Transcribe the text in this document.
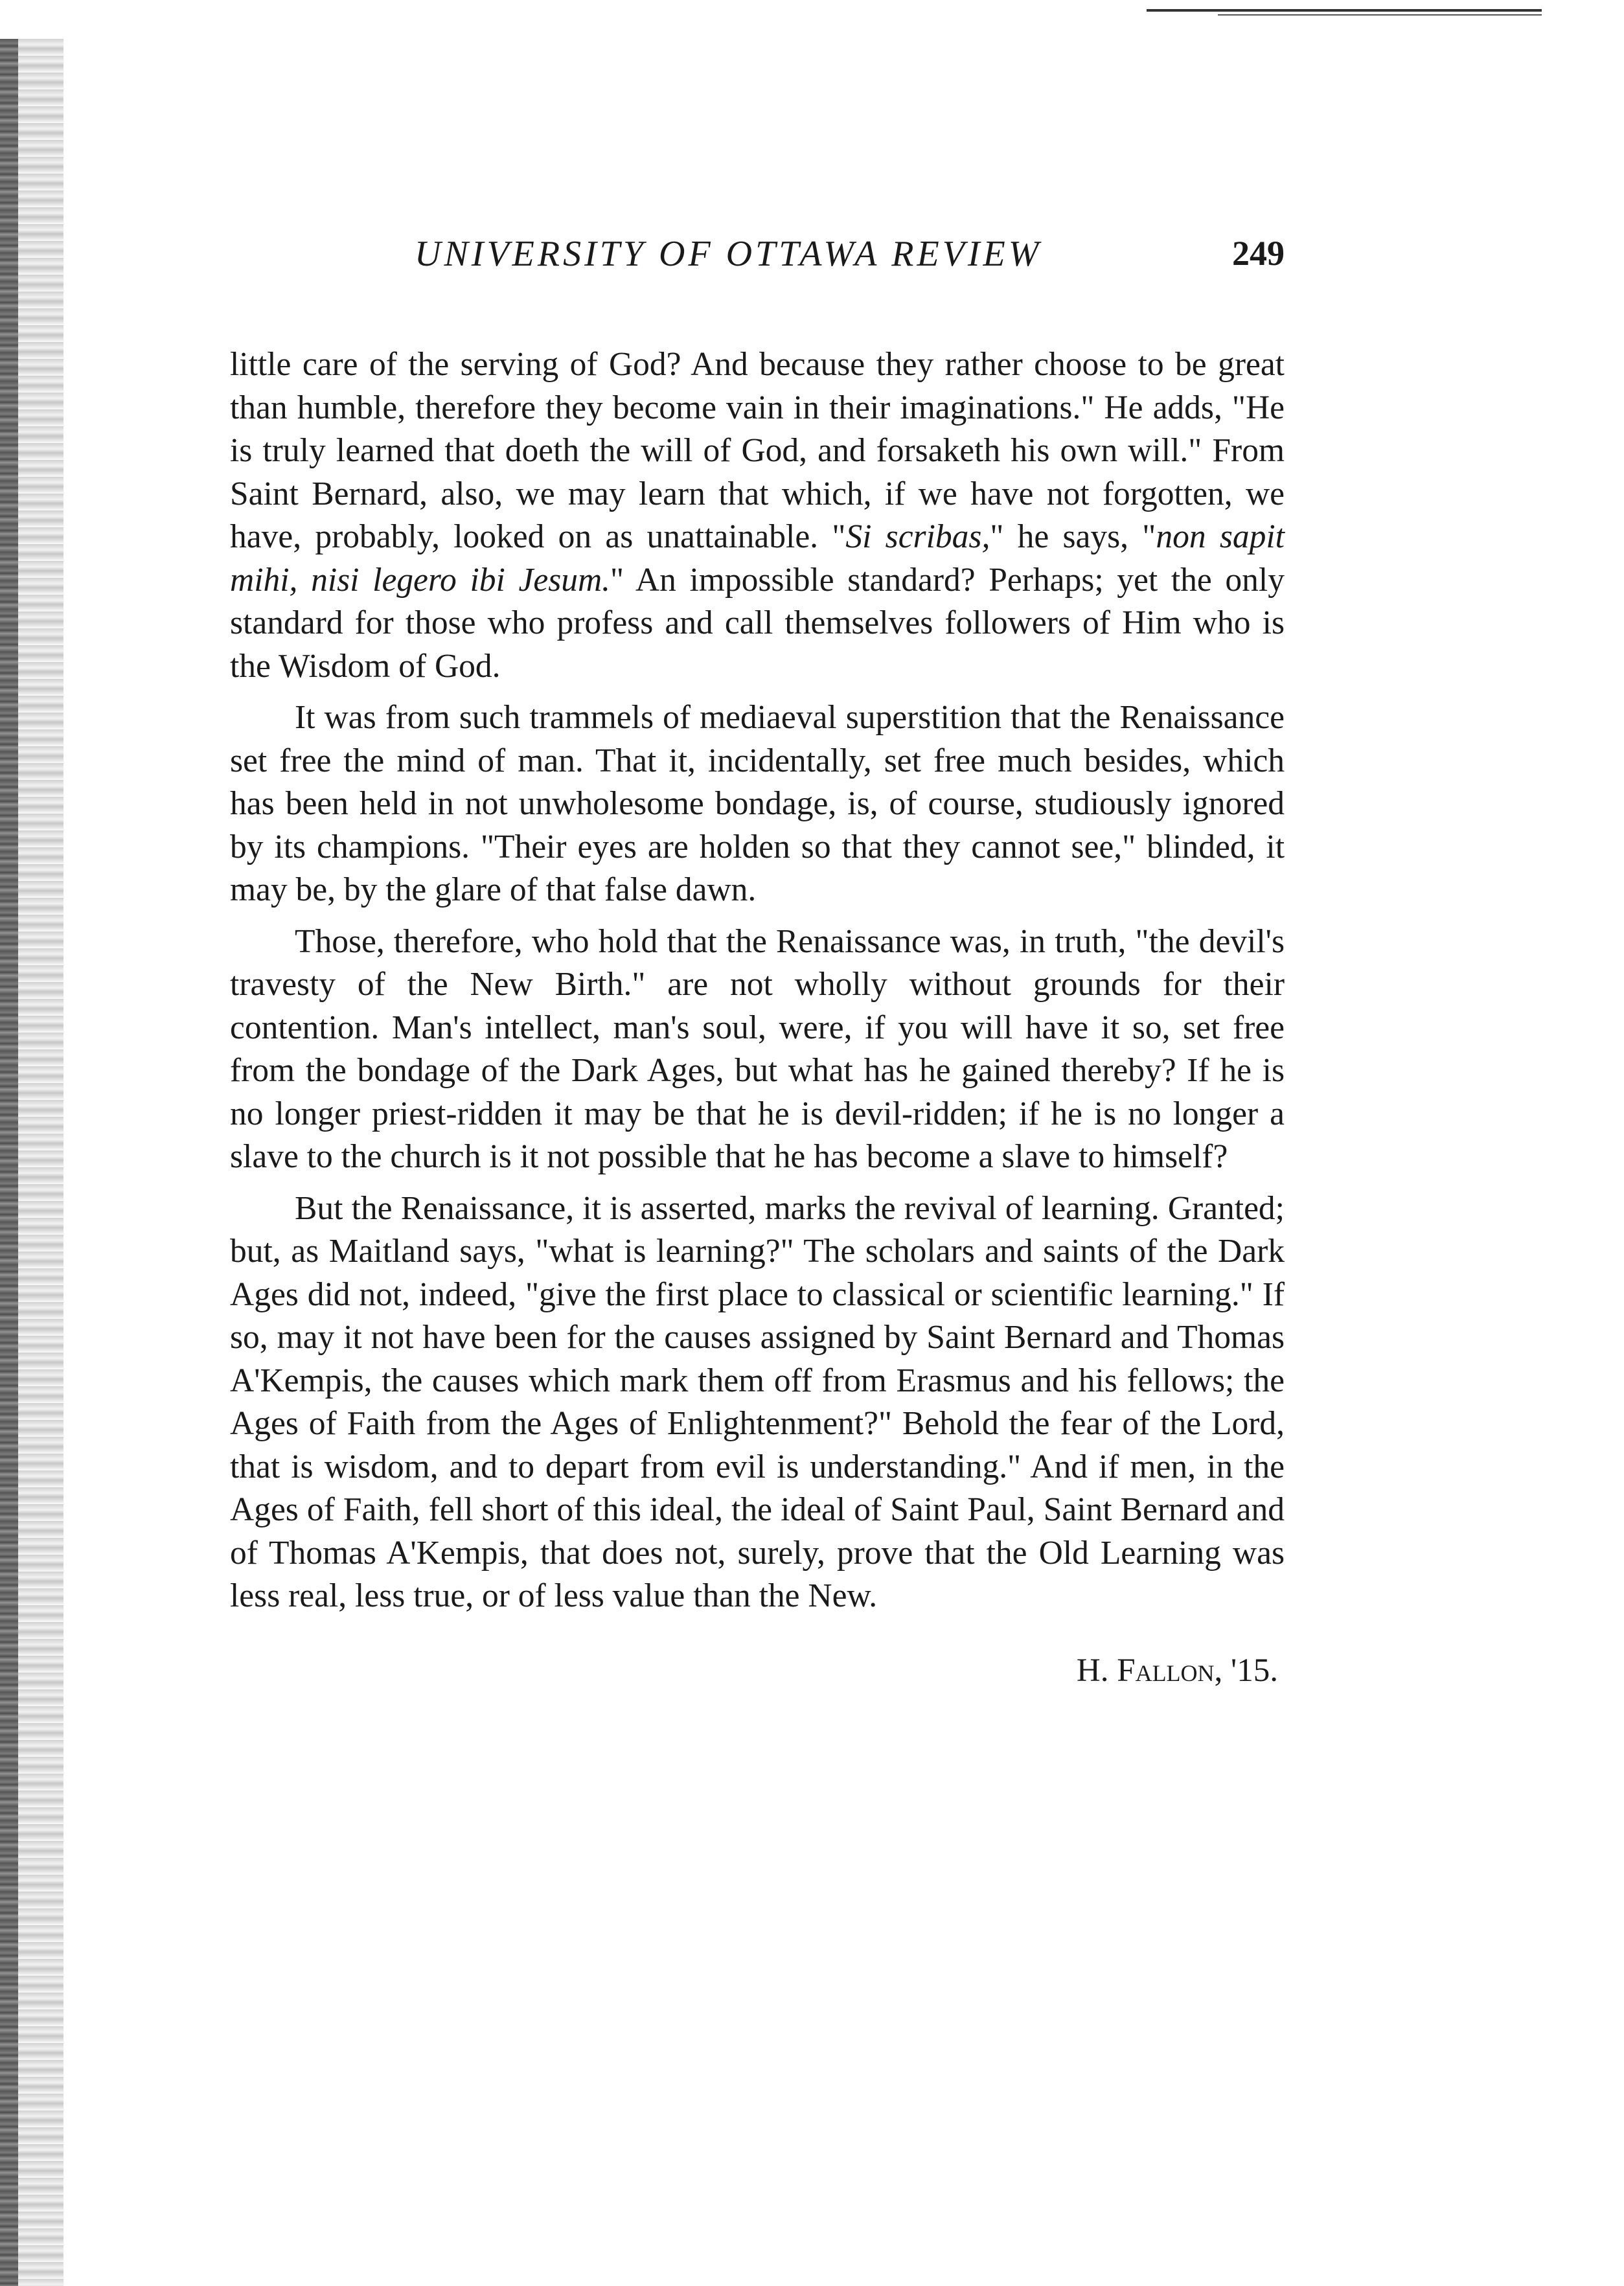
UNIVERSITY OF OTTAWA REVIEW	249

little care of the serving of God? And because they rather choose to be great than humble, therefore they become vain in their imaginations." He adds, "He is truly learned that doeth the will of God, and forsaketh his own will." From Saint Bernard, also, we may learn that which, if we have not forgotten, we have, probably, looked on as unattainable. "Si scribas," he says, "non sapit mihi, nisi legero ibi Jesum." An impossible standard? Perhaps; yet the only standard for those who profess and call themselves followers of Him who is the Wisdom of God.

It was from such trammels of mediaeval superstition that the Renaissance set free the mind of man. That it, incidentally, set free much besides, which has been held in not unwholesome bondage, is, of course, studiously ignored by its champions. "Their eyes are holden so that they cannot see," blinded, it may be, by the glare of that false dawn.

Those, therefore, who hold that the Renaissance was, in truth, "the devil's travesty of the New Birth." are not wholly without grounds for their contention. Man's intellect, man's soul, were, if you will have it so, set free from the bondage of the Dark Ages, but what has he gained thereby? If he is no longer priest-ridden it may be that he is devil-ridden; if he is no longer a slave to the church is it not possible that he has become a slave to himself?

But the Renaissance, it is asserted, marks the revival of learning. Granted; but, as Maitland says, "what is learning?" The scholars and saints of the Dark Ages did not, indeed, "give the first place to classical or scientific learning." If so, may it not have been for the causes assigned by Saint Bernard and Thomas A'Kempis, the causes which mark them off from Erasmus and his fellows; the Ages of Faith from the Ages of Enlightenment?" Behold the fear of the Lord, that is wisdom, and to depart from evil is understanding." And if men, in the Ages of Faith, fell short of this ideal, the ideal of Saint Paul, Saint Bernard and of Thomas A'Kempis, that does not, surely, prove that the Old Learning was less real, less true, or of less value than the New.

H. Fallon, '15.
